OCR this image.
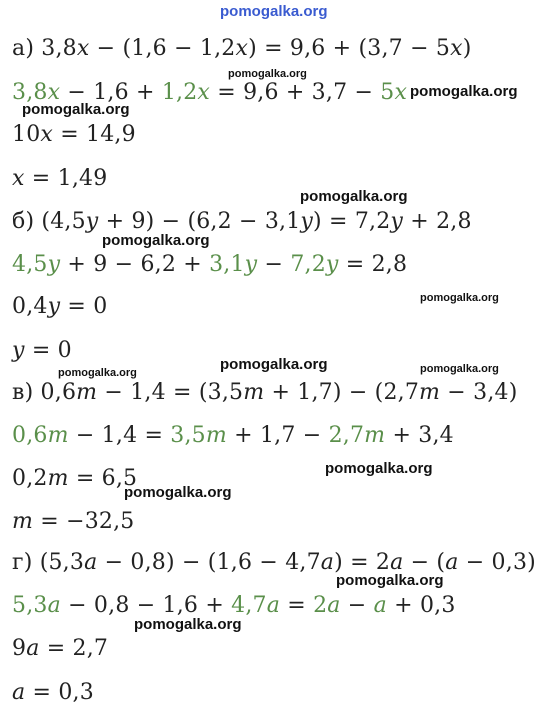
pomogalka.org
а) 3,8𝑥 − (1,6 − 1,2𝑥) = 9,6 + (3,7 − 5𝑥)
3,8𝑥 − 1,6 + 1,2𝑥 = 9,6 + 3,7 − 5𝑥
10𝑥 = 14,9
𝑥 = 1,49
б) (4,5𝑦 + 9) − (6,2 − 3,1𝑦) = 7,2𝑦 + 2,8
4,5𝑦 + 9 − 6,2 + 3,1𝑦 − 7,2𝑦 = 2,8
0,4𝑦 = 0
𝑦 = 0
в) 0,6𝑚 − 1,4 = (3,5𝑚 + 1,7) − (2,7𝑚 − 3,4)
0,6𝑚 − 1,4 = 3,5𝑚 + 1,7 − 2,7𝑚 + 3,4
0,2𝑚 = 6,5
𝑚 = −32,5
г) (5,3𝑎 − 0,8) − (1,6 − 4,7𝑎) = 2𝑎 − (𝑎 − 0,3)
5,3𝑎 − 0,8 − 1,6 + 4,7𝑎 = 2𝑎 − 𝑎 + 0,3
9𝑎 = 2,7
𝑎 = 0,3
pomogalka.org
pomogalka.org
pomogalka.org
pomogalka.org
pomogalka.org
pomogalka.org
pomogalka.org	pomogalka.org	pomogalka.org
pomogalka.org
pomogalka.org
pomogalka.org
pomogalka.org
